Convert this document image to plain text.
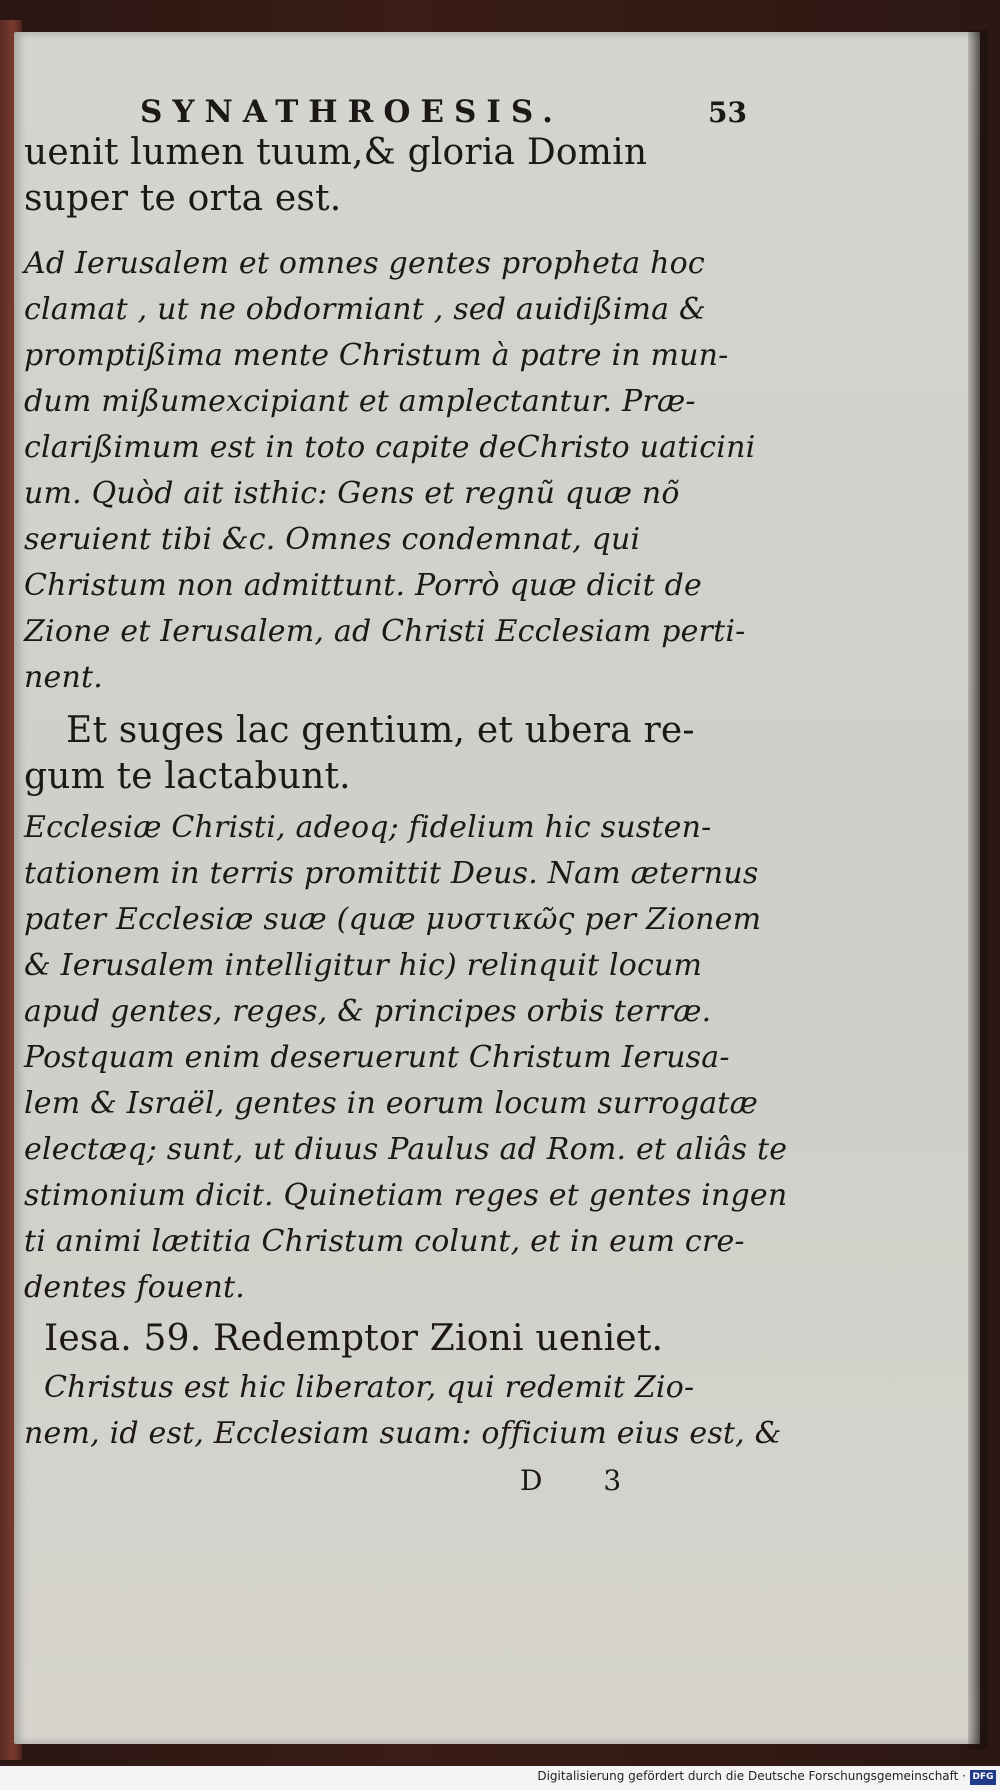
SYNATHROESIS.	53
uenit lumen tuum,& gloria Domin
super te orta est.
Ad Ierusalem et omnes gentes propheta hoc
clamat , ut ne obdormiant , sed auidißima &
promptißima mente Christum à patre in mun-
dum mißumexcipiant et amplectantur. Præ-
clarißimum est in toto capite deChristo uaticini
um. Quòd ait isthic: Gens et regnũ quæ nõ
seruient tibi &c. Omnes condemnat, qui
Christum non admittunt. Porrò quæ dicit de
Zione et Ierusalem, ad Christi Ecclesiam perti-
nent.
Et suges lac gentium, et ubera re-
gum te lactabunt.
Ecclesiæ Christi, adeoq; fidelium hic susten-
tationem in terris promittit Deus. Nam æternus
pater Ecclesiæ suæ (quæ μυστικῶς per Zionem
& Ierusalem intelligitur hic) relinquit locum
apud gentes, reges, & principes orbis terræ.
Postquam enim deseruerunt Christum Ierusa-
lem & Israël, gentes in eorum locum surrogatæ
electæq; sunt, ut diuus Paulus ad Rom. et aliâs te
stimonium dicit. Quinetiam reges et gentes ingen
ti animi lætitia Christum colunt, et in eum cre-
dentes fouent.
Iesa. 59. Redemptor Zioni ueniet.
Christus est hic liberator, qui redemit Zio-
nem, id est, Ecclesiam suam: officium eius est, &
D 3
Digitalisierung gefördert durch die Deutsche Forschungsgemeinschaft · DFG
